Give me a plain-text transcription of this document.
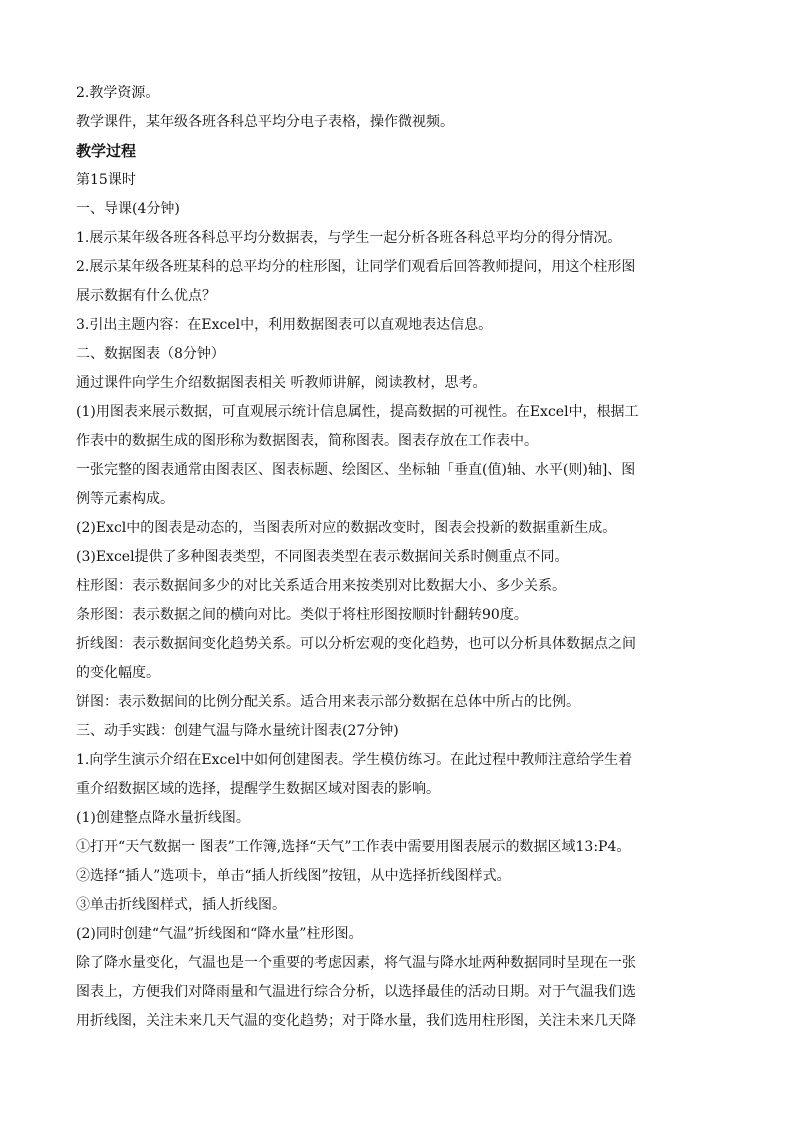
2.教学资源。
教学课件，某年级各班各科总平均分电子表格，操作微视频。
教学过程
第15课时
一、导课(4分钟)
1.展示某年级各班各科总平均分数据表，与学生一起分析各班各科总平均分的得分情况。
2.展示某年级各班某科的总平均分的柱形图，让同学们观看后回答教师提问，用这个柱形图
展示数据有什么优点？
3.引出主题内容：在Excel中，利用数据图表可以直观地表达信息。
二、数据图表（8分钟）
通过课件向学生介绍数据图表相关 听教师讲解，阅读教材，思考。
(1)用图表来展示数据，可直观展示统计信息属性，提高数据的可视性。在Excel中，根据工
作表中的数据生成的图形称为数据图表，简称图表。图表存放在工作表中。
一张完整的图表通常由图表区、图表标题、绘图区、坐标轴「垂直(值)轴、水平(则)轴]、图
例等元素构成。
(2)Excl中的图表是动态的，当图表所对应的数据改变时，图表会投新的数据重新生成。
(3)Excel提供了多种图表类型，不同图表类型在表示数据间关系时侧重点不同。
柱形图：表示数据间多少的对比关系适合用来按类别对比数据大小、多少关系。
条形图：表示数据之间的横向对比。类似于将柱形图按顺时针翻转90度。
折线图：表示数据间变化趋势关系。可以分析宏观的变化趋势，也可以分析具体数据点之间
的变化幅度。
饼图：表示数据间的比例分配关系。适合用来表示部分数据在总体中所占的比例。
三、动手实践：创建气温与降水量统计图表(27分钟)
1.向学生演示介绍在Excel中如何创建图表。学生模仿练习。在此过程中教师注意给学生着
重介绍数据区域的选择，提醒学生数据区域对图表的影响。
(1)创建整点降水量折线图。
①打开“天气数据一 图表”工作簿,选择“天气”工作表中需要用图表展示的数据区域13:P4。
②选择“插人”选项卡，单击“插人折线图”按钮，从中选择折线图样式。
③单击折线图样式，插人折线图。
(2)同时创建“气温”折线图和“降水量”柱形图。
除了降水量变化，气温也是一个重要的考虑因素，将气温与降水址两种数据同时呈现在一张
图表上，方便我们对降雨量和气温进行综合分析，以选择最佳的活动日期。对于气温我们选
用折线图，关注未来几天气温的变化趋势；对于降水量，我们选用柱形图，关注未来几天降
